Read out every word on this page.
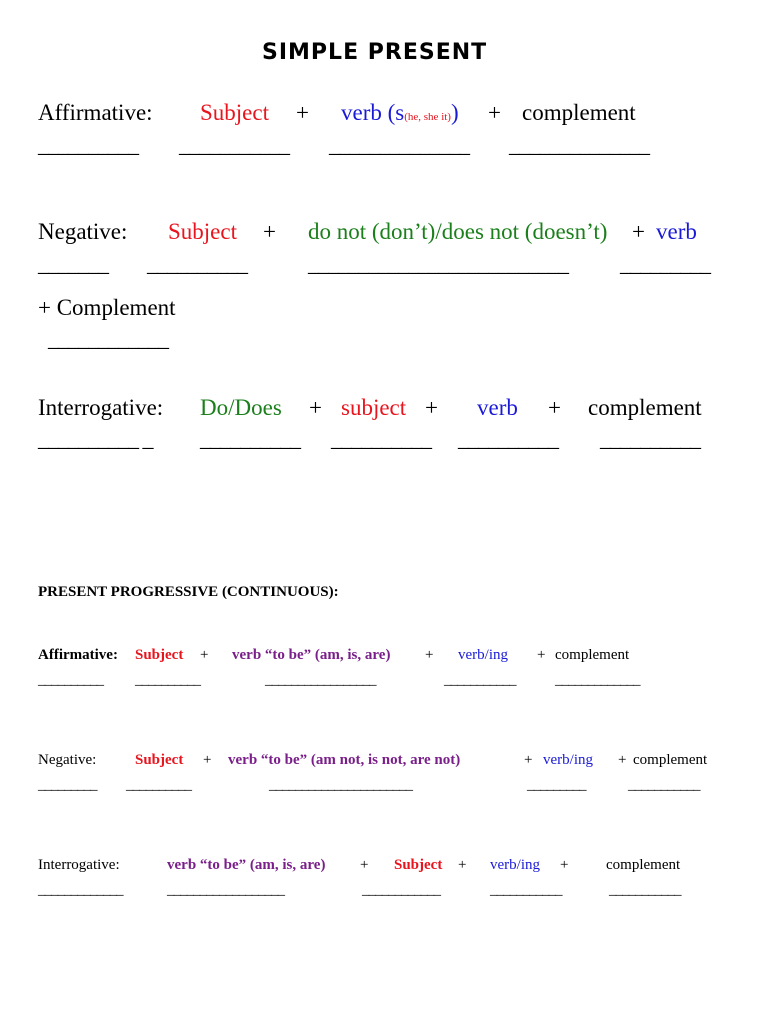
SIMPLE PRESENT
Affirmative: Subject + verb (s(he, she it)) + complement
__________ ___________ ______________ ______________
Negative: Subject + do not (don’t)/does not (doesn’t) + verb
_______ __________	__________________________ _________
+ Complement
____________
Interrogative: Do/Does + subject + verb + complement
__________ _ __________ __________ __________ __________
PRESENT PROGRESSIVE (CONTINUOUS):
Affirmative: Subject + verb “to be” (am, is, are) + verb/ing + complement
__________ __________	_________________	___________	_____________
Negative:	Subject + verb “to be” (am not, is not, are not)	+ verb/ing + complement
_________ __________	______________________	_________	___________
Interrogative:	verb “to be” (am, is, are) + Subject + verb/ing +	complement
_____________	__________________	____________	___________	___________
